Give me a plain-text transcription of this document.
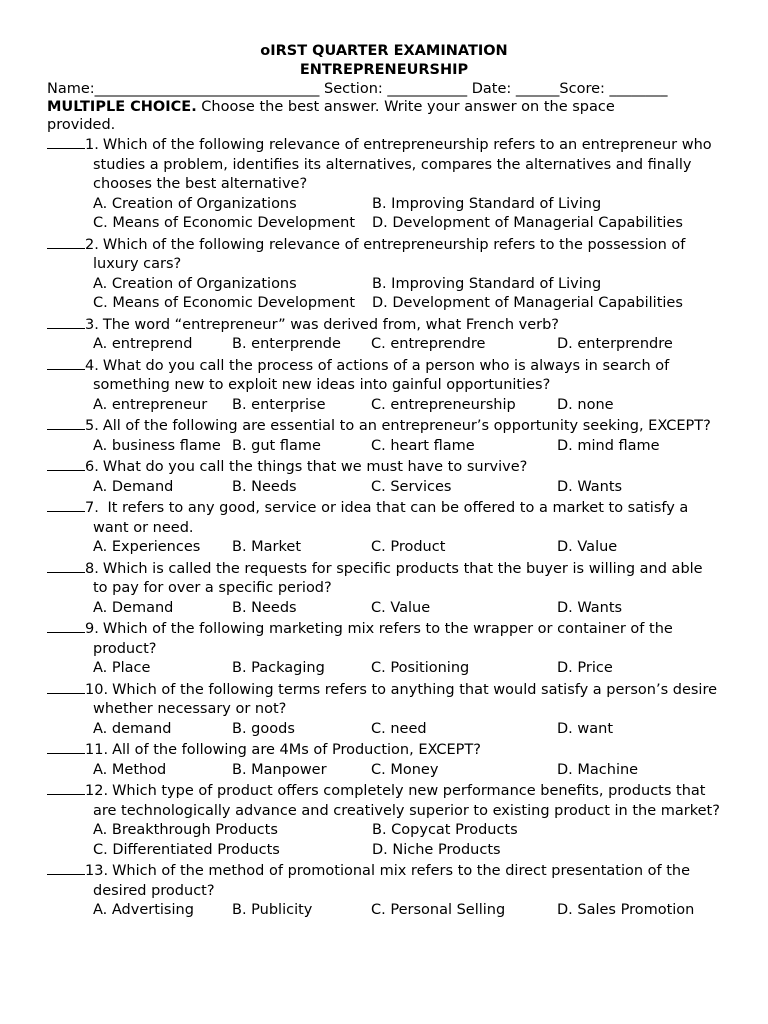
oIRST QUARTER EXAMINATION
ENTREPRENEURSHIP
Name:_______________________________ Section: ___________ Date: ______Score: ________
MULTIPLE CHOICE. Choose the best answer. Write your answer on the space
provided.
1. Which of the following relevance of entrepreneurship refers to an entrepreneur who studies a problem, identifies its alternatives, compares the alternatives and finally chooses the best alternative?
A. Creation of Organizations	B. Improving Standard of Living
C. Means of Economic Development	D. Development of Managerial Capabilities
2. Which of the following relevance of entrepreneurship refers to the possession of luxury cars?
A. Creation of Organizations	B. Improving Standard of Living
C. Means of Economic Development	D. Development of Managerial Capabilities
3. The word “entrepreneur” was derived from, what French verb?
A. entreprend	B. enterprende	C. entreprendre	D. enterprendre
4. What do you call the process of actions of a person who is always in search of something new to exploit new ideas into gainful opportunities?
A. entrepreneur	B. enterprise	C. entrepreneurship	D. none
5. All of the following are essential to an entrepreneur’s opportunity seeking, EXCEPT?
A. business flame B. gut flame	C. heart flame	D. mind flame
6. What do you call the things that we must have to survive?
A. Demand	B. Needs	C. Services	D. Wants
7. It refers to any good, service or idea that can be offered to a market to satisfy a want or need.
A. Experiences	B. Market	C. Product	D. Value
8. Which is called the requests for specific products that the buyer is willing and able to pay for over a specific period?
A. Demand	B. Needs	C. Value	D. Wants
9. Which of the following marketing mix refers to the wrapper or container of the product?
A. Place	B. Packaging	C. Positioning	D. Price
10. Which of the following terms refers to anything that would satisfy a person’s desire whether necessary or not?
A. demand	B. goods	C. need	D. want
11. All of the following are 4Ms of Production, EXCEPT?
A. Method	B. Manpower	C. Money	D. Machine
12. Which type of product offers completely new performance benefits, products that are technologically advance and creatively superior to existing product in the market?
A. Breakthrough Products	B. Copycat Products
C. Differentiated Products	D. Niche Products
13. Which of the method of promotional mix refers to the direct presentation of the desired product?
A. Advertising	B. Publicity	C. Personal Selling	D. Sales Promotion
